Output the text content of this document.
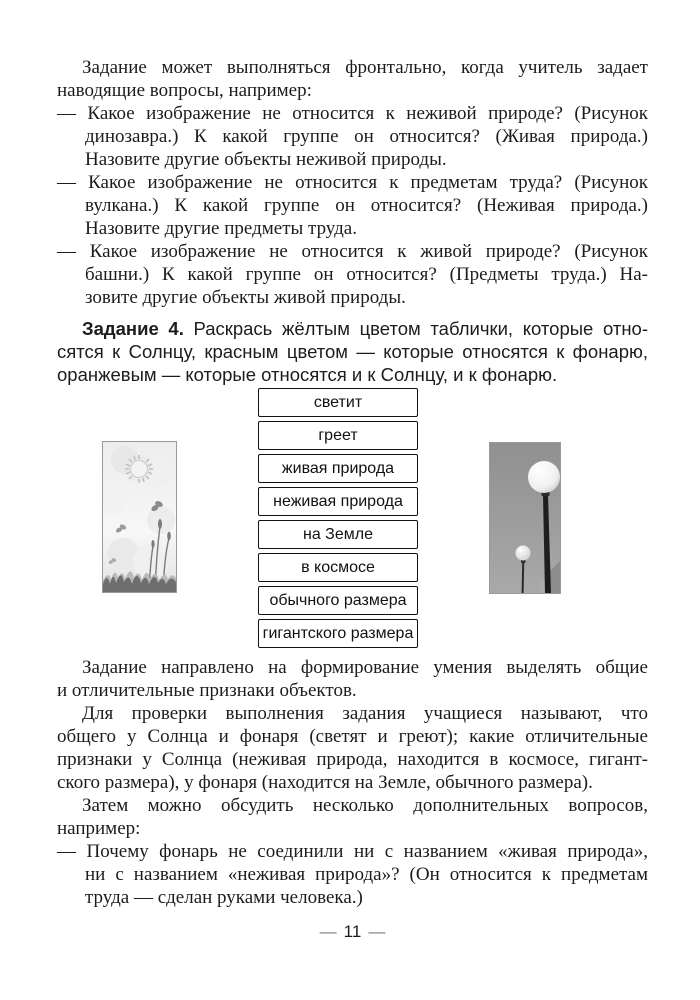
Задание может выполняться фронтально, когда учитель задает
наводящие вопросы, например:
— Какое изображение не относится к неживой природе? (Рисунок
динозавра.) К какой группе он относится? (Живая природа.)
Назовите другие объекты неживой природы.
— Какое изображение не относится к предметам труда? (Рисунок
вулкана.) К какой группе он относится? (Неживая природа.)
Назовите другие предметы труда.
— Какое изображение не относится к живой природе? (Рисунок
башни.) К какой группе он относится? (Предметы труда.) На-
зовите другие объекты живой природы.
Задание 4. Раскрась жёлтым цветом таблички, которые отно-
сятся к Солнцу, красным цветом — которые относятся к фонарю,
оранжевым — которые относятся и к Солнцу, и к фонарю.
светит
греет
живая природа
неживая природа
на Земле
в космосе
обычного размера
гигантского размера
Задание направлено на формирование умения выделять общие
и отличительные признаки объектов.
Для проверки выполнения задания учащиеся называют, что
общего у Солнца и фонаря (светят и греют); какие отличительные
признаки у Солнца (неживая природа, находится в космосе, гигант-
ского размера), у фонаря (находится на Земле, обычного размера).
Затем можно обсудить несколько дополнительных вопросов,
например:
— Почему фонарь не соединили ни с названием «живая природа»,
ни с названием «неживая природа»? (Он относится к предметам
труда — сделан руками человека.)
— 11 —
